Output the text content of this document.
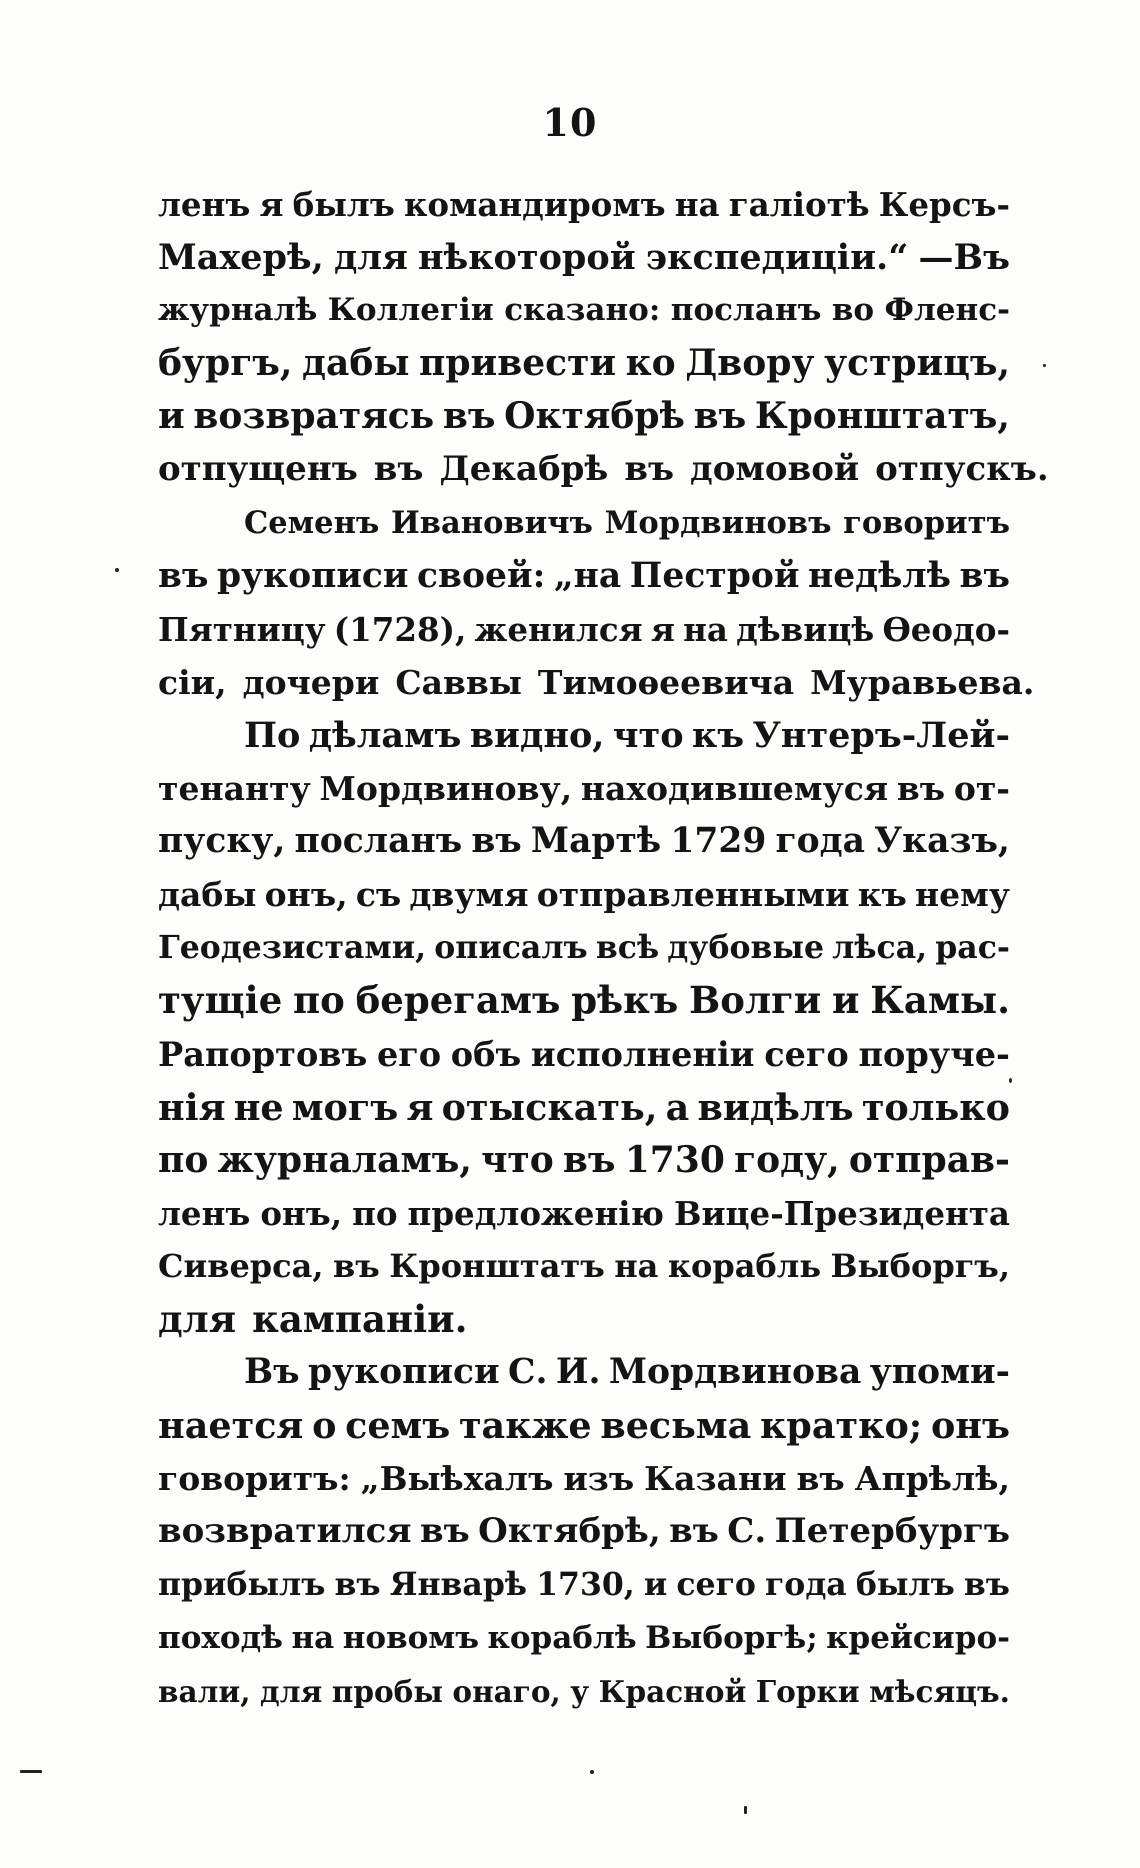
10
ленъ я былъ командиромъ на галіотѣ Керсъ-
Махерѣ, для нѣкоторой экспедиціи.“ —Въ
журналѣ Коллегіи сказано: посланъ во Фленс-
бургъ, дабы привести ко Двору устрицъ,
и возвратясь въ Октябрѣ въ Кронштатъ,
отпущенъ въ Декабрѣ въ домовой отпускъ.
Семенъ Ивановичъ Мордвиновъ говоритъ
въ рукописи своей: „на Пестрой недѣлѣ въ
Пятницу (1728), женился я на дѣвицѣ Өеодо-
сіи, дочери Саввы Тимоѳеевича Муравьева.
По дѣламъ видно, что къ Унтеръ-Лей-
тенанту Мордвинову, находившемуся въ от-
пуску, посланъ въ Мартѣ 1729 года Указъ,
дабы онъ, съ двумя отправленными къ нему
Геодезистами, описалъ всѣ дубовые лѣса, рас-
тущіе по берегамъ рѣкъ Волги и Камы.
Рапортовъ его объ исполненіи сего поруче-
нія не могъ я отыскать, а видѣлъ только
по журналамъ, что въ 1730 году, отправ-
ленъ онъ, по предложенію Вице-Президента
Сиверса, въ Кронштатъ на корабль Выборгъ,
для кампаніи.
Въ рукописи С. И. Мордвинова упоми-
нается о семъ также весьма кратко; онъ
говоритъ: „Выѣхалъ изъ Казани въ Апрѣлѣ,
возвратился въ Октябрѣ, въ С. Петербургъ
прибылъ въ Январѣ 1730, и сего года былъ въ
походѣ на новомъ кораблѣ Выборгѣ; крейсиро-
вали, для пробы онаго, у Красной Горки мѣсяцъ.
